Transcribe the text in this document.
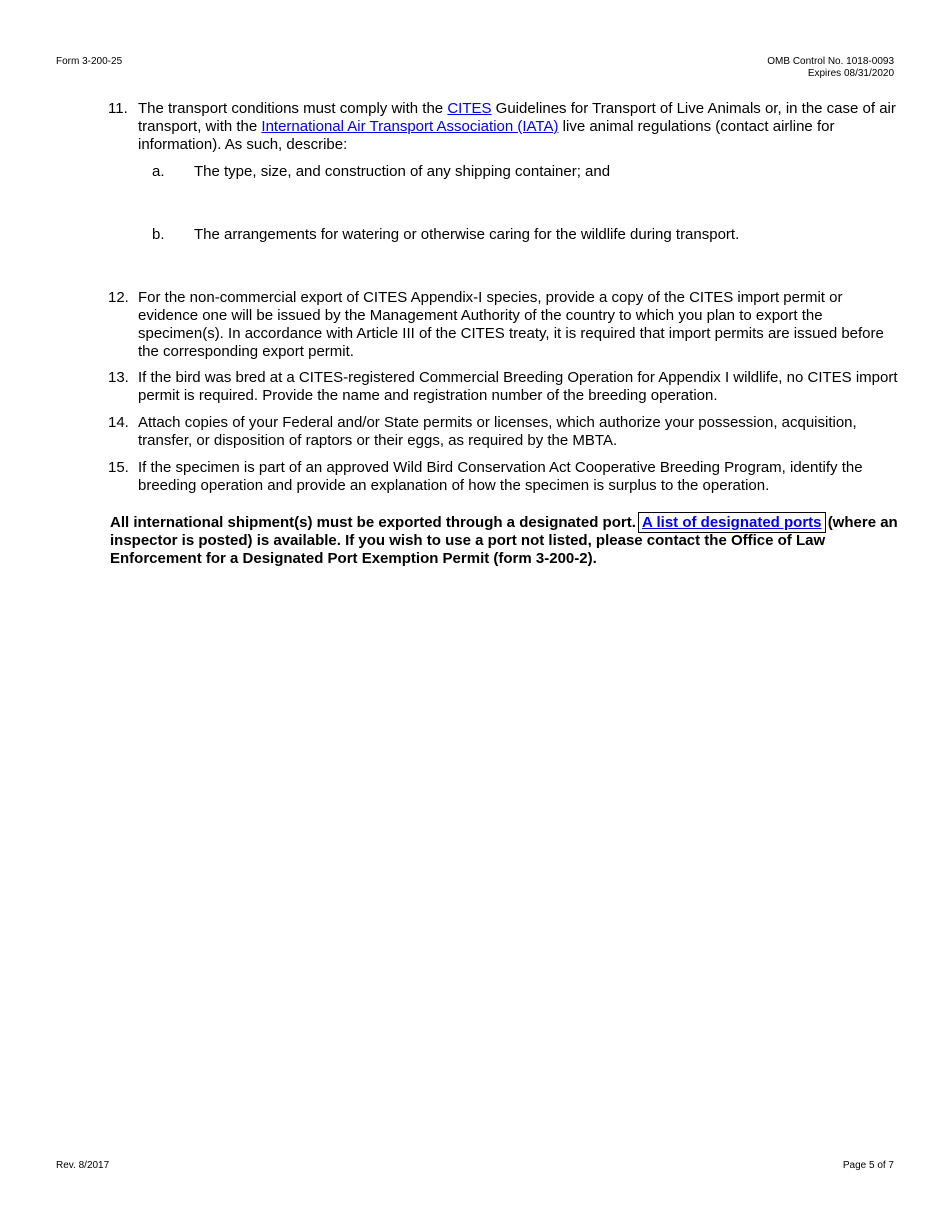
Form 3-200-25	OMB Control No. 1018-0093
Expires 08/31/2020
11. The transport conditions must comply with the CITES Guidelines for Transport of Live Animals or, in the case of air transport, with the International Air Transport Association (IATA) live animal regulations (contact airline for information). As such, describe:
a. The type, size, and construction of any shipping container; and
b. The arrangements for watering or otherwise caring for the wildlife during transport.
12. For the non-commercial export of CITES Appendix-I species, provide a copy of the CITES import permit or evidence one will be issued by the Management Authority of the country to which you plan to export the specimen(s). In accordance with Article III of the CITES treaty, it is required that import permits are issued before the corresponding export permit.
13. If the bird was bred at a CITES-registered Commercial Breeding Operation for Appendix I wildlife, no CITES import permit is required. Provide the name and registration number of the breeding operation.
14. Attach copies of your Federal and/or State permits or licenses, which authorize your possession, acquisition, transfer, or disposition of raptors or their eggs, as required by the MBTA.
15. If the specimen is part of an approved Wild Bird Conservation Act Cooperative Breeding Program, identify the breeding operation and provide an explanation of how the specimen is surplus to the operation.
All international shipment(s) must be exported through a designated port. A list of designated ports (where an inspector is posted) is available. If you wish to use a port not listed, please contact the Office of Law Enforcement for a Designated Port Exemption Permit (form 3-200-2).
Rev. 8/2017	Page 5 of 7
